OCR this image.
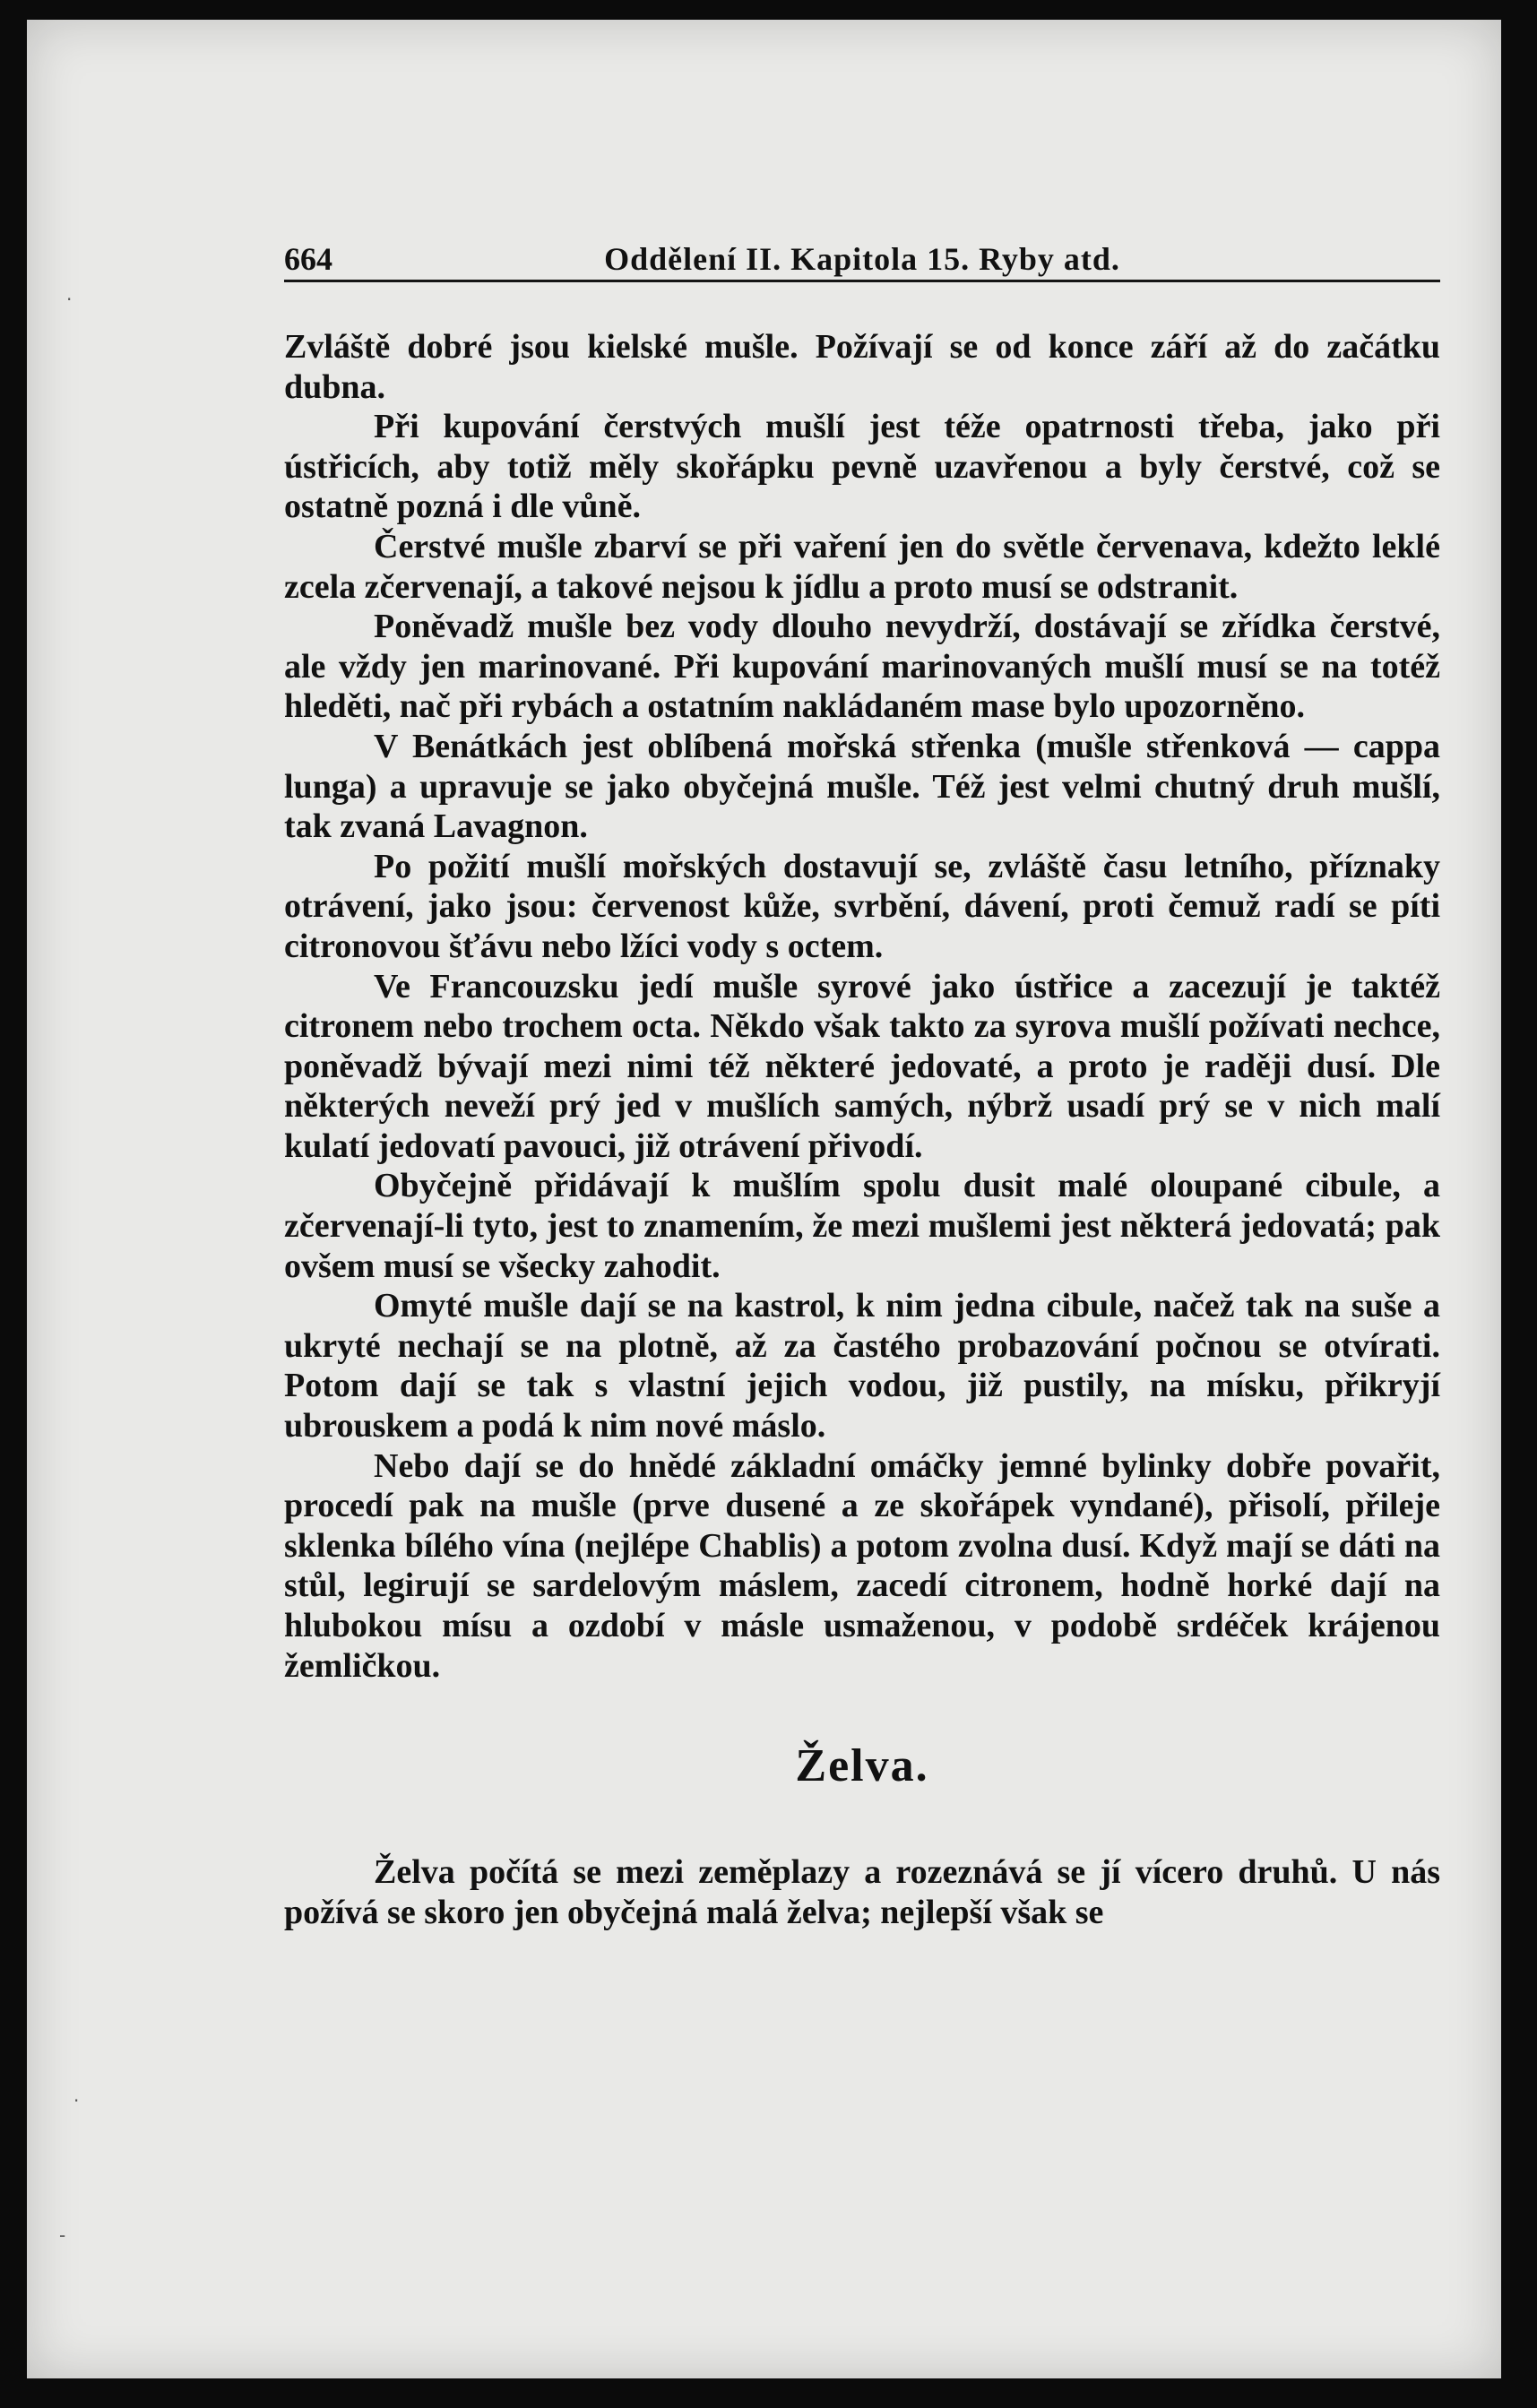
·
-
·
664	Oddělení II. Kapitola 15. Ryby atd.

Zvláště dobré jsou kielské mušle. Požívají se od konce září až do začátku dubna.

Při kupování čerstvých mušlí jest téže opatrnosti třeba, jako při ústřicích, aby totiž měly skořápku pevně uzavřenou a byly čerstvé, což se ostatně pozná i dle vůně.

Čerstvé mušle zbarví se při vaření jen do světle červenava, kdežto leklé zcela zčervenají, a takové nejsou k jídlu a proto musí se odstranit.

Poněvadž mušle bez vody dlouho nevydrží, dostávají se zřídka čerstvé, ale vždy jen marinované. Při kupování marinovaných mušlí musí se na totéž hleděti, nač při rybách a ostatním nakládaném mase bylo upozorněno.

V Benátkách jest oblíbená mořská střenka (mušle střenková — cappa lunga) a upravuje se jako obyčejná mušle. Též jest velmi chutný druh mušlí, tak zvaná Lavagnon.

Po požití mušlí mořských dostavují se, zvláště času letního, příznaky otrávení, jako jsou: červenost kůže, svrbění, dávení, proti čemuž radí se píti citronovou šťávu nebo lžíci vody s octem.

Ve Francouzsku jedí mušle syrové jako ústřice a zacezují je taktéž citronem nebo trochem octa. Někdo však takto za syrova mušlí požívati nechce, poněvadž bývají mezi nimi též některé jedovaté, a proto je raději dusí. Dle některých neveží prý jed v mušlích samých, nýbrž usadí prý se v nich malí kulatí jedovatí pavouci, již otrávení přivodí.

Obyčejně přidávají k mušlím spolu dusit malé oloupané cibule, a zčervenají-li tyto, jest to znamením, že mezi mušlemi jest některá jedovatá; pak ovšem musí se všecky zahodit.

Omyté mušle dají se na kastrol, k nim jedna cibule, načež tak na suše a ukryté nechají se na plotně, až za častého probazování počnou se otvírati. Potom dají se tak s vlastní jejich vodou, již pustily, na mísku, přikryjí ubrouskem a podá k nim nové máslo.

Nebo dají se do hnědé základní omáčky jemné bylinky dobře povařit, procedí pak na mušle (prve dusené a ze skořápek vyndané), přisolí, přileje sklenka bílého vína (nejlépe Chablis) a potom zvolna dusí. Když mají se dáti na stůl, legirují se sardelovým máslem, zacedí citronem, hodně horké dají na hlubokou mísu a ozdobí v másle usmaženou, v podobě srdéček krájenou žemličkou.

Želva.

Želva počítá se mezi zeměplazy a rozeznává se jí vícero druhů. U nás požívá se skoro jen obyčejná malá želva; nejlepší však se
